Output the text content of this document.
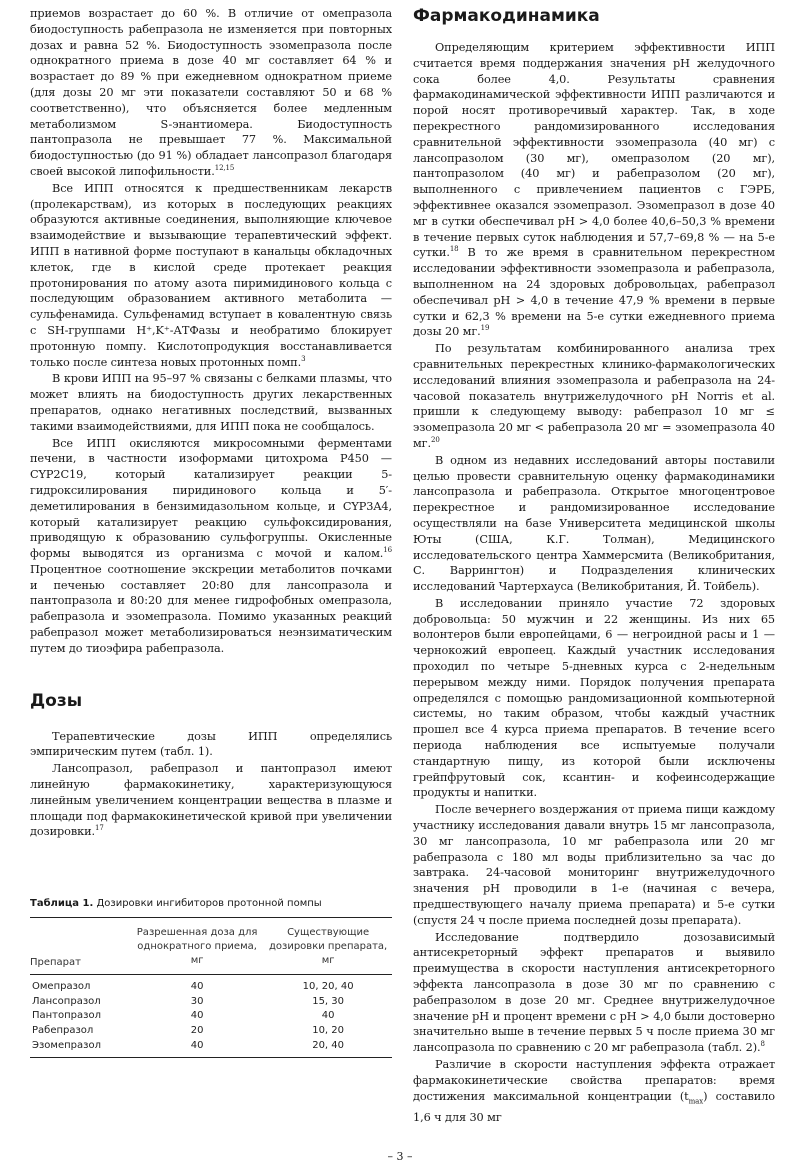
приемов возрастает до 60 %. В отличие от омепразола биодоступность рабепразола не изменяется при повторных дозах и равна 52 %. Биодоступность эзомепразола после однократного приема в дозе 40 мг составляет 64 % и возрастает до 89 % при ежедневном однократном приеме (для дозы 20 мг эти показатели составляют 50 и 68 % соответственно), что объясняется более медленным метаболизмом S-энантиомера. Биодоступность пантопразола не превышает 77 %. Максимальной биодоступностью (до 91 %) обладает лансопразол благодаря своей высокой липофильности.$^{12,15}$

Все ИПП относятся к предшественникам лекарств (пролекарствам), из которых в последующих реакциях образуются активные соединения, выполняющие ключевое взаимодействие и вызывающие терапевтический эффект. ИПП в нативной форме поступают в канальцы обкладочных клеток, где в кислой среде протекает реакция протонирования по атому азота пиримидинового кольца с последующим образованием активного метаболита — сульфенамида. Сульфенамид вступает в ковалентную связь с SH-группами H⁺,K⁺-АТФазы и необратимо блокирует протонную помпу. Кислотопродукция восстанавливается только после синтеза новых протонных помп.$^3$

В крови ИПП на 95–97 % связаны с белками плазмы, что может влиять на биодоступность других лекарственных препаратов, однако негативных последствий, вызванных такими взаимодействиями, для ИПП пока не сообщалось.

Все ИПП окисляются микросомными ферментами печени, в частности изоформами цитохрома P450 — CYP2C19, который катализирует реакции 5-гидроксилирования пиридинового кольца и 5′-деметилирования в бензимидазольном кольце, и CYP3A4, который катализирует реакцию сульфоксидирования, приводящую к образованию сульфогруппы. Окисленные формы выводятся из организма с мочой и калом.$^{16}$ Процентное соотношение экскреции метаболитов почками и печенью составляет 20:80 для лансопразола и пантопразола и 80:20 для менее гидрофобных омепразола, рабепразола и эзомепразола. Помимо указанных реакций рабепразол может метаболизироваться неэнзиматическим путем до тиоэфира рабепразола.

Дозы

Терапевтические дозы ИПП определялись эмпирическим путем (табл. 1).

Лансопразол, рабепразол и пантопразол имеют линейную фармакокинетику, характеризующуюся линейным увеличением концентрации вещества в плазме и площади под фармакокинетической кривой при увеличении дозировки.$^{17}$

Таблица 1. Дозировки ингибиторов протонной помпы
Препарат	Разрешенная доза для однократного приема, мг	Существующие дозировки препарата, мг
Омепразол	40	10, 20, 40
Лансопразол	30	15, 30
Пантопразол	40	40
Рабепразол	20	10, 20
Эзомепразол	40	20, 40
Фармакодинамика

Определяющим критерием эффективности ИПП считается время поддержания значения pH желудочного сока более 4,0. Результаты сравнения фармакодинамической эффективности ИПП различаются и порой носят противоречивый характер. Так, в ходе перекрестного рандомизированного исследования сравнительной эффективности эзомепразола (40 мг) с лансопразолом (30 мг), омепразолом (20 мг), пантопразолом (40 мг) и рабепразолом (20 мг), выполненного с привлечением пациентов с ГЭРБ, эффективнее оказался эзомепразол. Эзомепразол в дозе 40 мг в сутки обеспечивал pH > 4,0 более 40,6–50,3 % времени в течение первых суток наблюдения и 57,7–69,8 % — на 5-е сутки.$^{18}$ В то же время в сравнительном перекрестном исследовании эффективности эзомепразола и рабепразола, выполненном на 24 здоровых добровольцах, рабепразол обеспечивал pH > 4,0 в течение 47,9 % времени в первые сутки и 62,3 % времени на 5-е сутки ежедневного приема дозы 20 мг.$^{19}$

По результатам комбинированного анализа трех сравнительных перекрестных клинико-фармакологических исследований влияния эзомепразола и рабепразола на 24-часовой показатель внутрижелудочного pH Norris et al. пришли к следующему выводу: рабепразол 10 мг ≤ эзомепразола 20 мг < рабепразола 20 мг = эзомепразола 40 мг.$^{20}$

В одном из недавних исследований авторы поставили целью провести сравнительную оценку фармакодинамики лансопразола и рабепразола. Открытое многоцентровое перекрестное и рандомизированное исследование осуществляли на базе Университета медицинской школы Юты (США, К.Г. Толман), Медицинского исследовательского центра Хаммерсмита (Великобритания, С. Варрингтон) и Подразделения клинических исследований Чартерхауса (Великобритания, Й. Тойбель).

В исследовании приняло участие 72 здоровых добровольца: 50 мужчин и 22 женщины. Из них 65 волонтеров были европейцами, 6 — негроидной расы и 1 — чернокожий европеец. Каждый участник исследования проходил по четыре 5-дневных курса с 2-недельным перерывом между ними. Порядок получения препарата определялся с помощью рандомизационной компьютерной системы, но таким образом, чтобы каждый участник прошел все 4 курса приема препаратов. В течение всего периода наблюдения все испытуемые получали стандартную пищу, из которой были исключены грейпфрутовый сок, ксантин- и кофеинсодержащие продукты и напитки.

После вечернего воздержания от приема пищи каждому участнику исследования давали внутрь 15 мг лансопразола, 30 мг лансопразола, 10 мг рабепразола или 20 мг рабепразола с 180 мл воды приблизительно за час до завтрака. 24-часовой мониторинг внутрижелудочного значения pH проводили в 1-е (начиная с вечера, предшествующего началу приема препарата) и 5-е сутки (спустя 24 ч после приема последней дозы препарата).

Исследование подтвердило дозозависимый антисекреторный эффект препаратов и выявило преимущества в скорости наступления антисекреторного эффекта лансопразола в дозе 30 мг по сравнению с рабепразолом в дозе 20 мг. Среднее внутрижелудочное значение pH и процент времени с pH > 4,0 были достоверно значительно выше в течение первых 5 ч после приема 30 мг лансопразола по сравнению с 20 мг рабепразола (табл. 2).$^8$

Различие в скорости наступления эффекта отражает фармакокинетические свойства препаратов: время достижения максимальной концентрации $(t_{max})$ составило 1,6 ч для 30 мг

– 3 –
